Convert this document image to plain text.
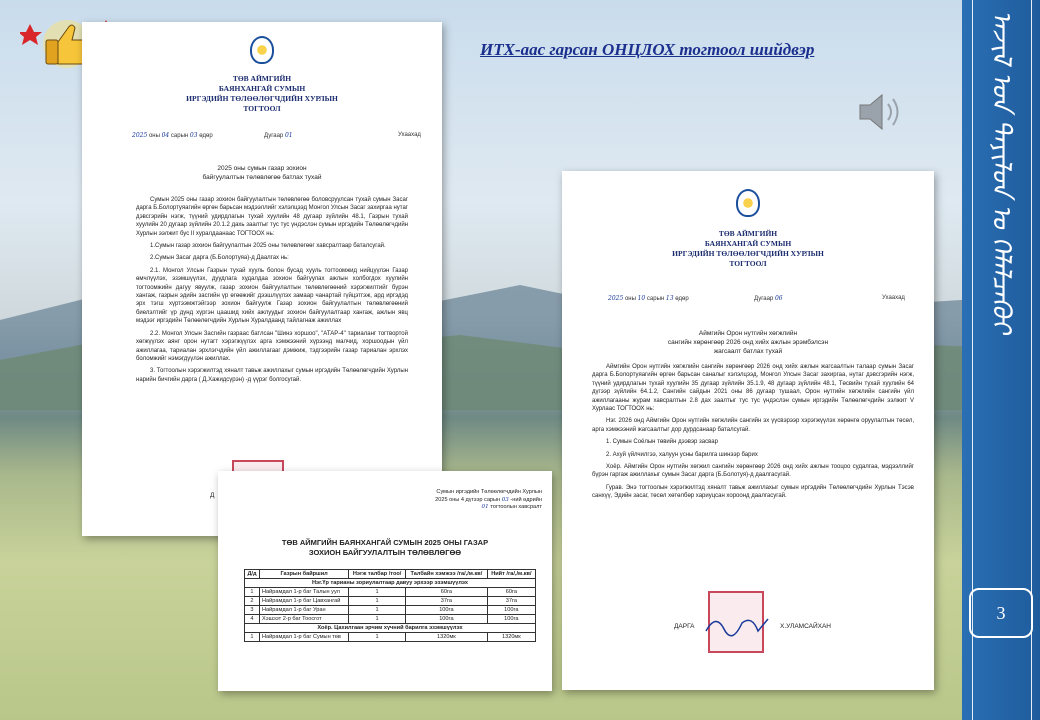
ИТХ-аас гарсан ОНЦЛОХ тогтоол шийдвэр	ᠠᠵᠢᠯ ᠤᠨ ᠲᠠᠶᠢᠯᠤᠨ ᠤ ᠬᠡᠯᠡᠯᠴᠡᠬᠦᠢ
3
ТӨВ АЙМГИЙН
БАЯНХАНГАЙ СУМЫН
ИРГЭДИЙН ТӨЛӨӨЛӨГЧДИЙН ХУРЛЫН
ТОГТООЛ
2025 оны 04 сарын 03 өдөр	Дугаар 01	Ухаахад
2025 оны сумын газар зохион
байгуулалтын төлөвлөгөө батлах тухай

Сумын 2025 оны газар зохион байгуулалтын төлөвлөгөө боловсруулсан тухай сумын Засаг дарга Б.Болортуяагийн өргөн барьсан мэдээллийг хэлэлцээд Монгол Улсын Засаг захиргаа нутаг дэвсгэрийн нэгж, түүний удирдлагын тухай хуулийн 48 дугаар зүйлийн 48.1, Газрын тухай хуулийн 20 дугаар зүйлийн 20.1.2 дахь заалтыг тус тус үндэслэн сумын иргэдийн Төлөөлөгчдийн Хурлын ээлжит бус II хуралдаанаас ТОГТООХ нь:

1.Сумын газар зохион байгуулалтын 2025 оны төлөвлөгөөг хавсралтаар баталсугай.

2.Сумын Засаг дарга (Б.Болортуяа)-д Даалгах нь:

2.1. Монгол Улсын Газрын тухай хууль болон бусад хууль тогтоомжид нийцүүлэн Газар өмчлүүлэх, эзэмшүүлэх, дуудлага худалдаа зохион байгуулах ажлын холбогдох хуулийн тогтоомжийн дагуу явуулж, газар зохион байгуулалтын төлөвлөгөөний хэрэгжилтийг бүрэн хангаж, газрын эдийн засгийн үр өгөөжийг дээшлүүлэх замаар чанартай гүйцэтгэж, ард иргэдэд эрх тэгш хүртээмжтэйгээр зохион байгуулж Газар зохион байгуулалтын төлөвлөгөөний биелэлтийг үр дүнд хүргэн цаашид хийх ажлуудыг зохион байгуулалтаар хангаж, ажлын явц мэдээг иргэдийн Төлөөлөгчдийн Хурлын Хуралдаанд тайлагнаж ажиллах

2.2. Монгол Улсын Засгийн газраас батлсан "Шинэ хоршоо", "АТАР-4" тариаланг тогтвортой хөгжүүлэх аянг орон нутагт хэрэгжүүлэх арга хэмжээний хүрээнд малчид, хоршоодын үйл ажиллагаа, тариалан эрхлэгчдийн үйл ажиллагааг дэмжиж, тэдгээрийн газар тариалан эрхлэх боломжийг нэмэгдүүлэн ажиллах.

3. Тогтоолын хэрэгжилтэд хяналт тавьж ажиллахыг сумын иргэдийн Төлөөлөгчдийн Хурлын нарийн бичгийн дарга ( Д.Хажидсүрэн) -д үүрэг болгосугай.

Д
ТӨВ АЙМГИЙН
БАЯНХАНГАЙ СУМЫН
ИРГЭДИЙН ТӨЛӨӨЛӨГЧДИЙН ХУРЛЫН
ТОГТООЛ
2025 оны 10 сарын 13 өдөр	Дугаар 06	Ухаахад
Аймгийн Орон нутгийн хөгжлийн
сангийн хөрөнгөөр 2026 онд хийх ажлын эрэмбэлсэн
жагсаалт батлах тухай

Аймгийн Орон нутгийн хөгжлийн сангийн хөрөнгөөр 2026 онд хийх ажлын жагсаалтын талаар сумын Засаг дарга Б.Болортуяагийн өргөн барьсан саналыг хэлэлцээд, Монгол Улсын Засаг захиргаа, нутаг дэвсгэрийн нэгж, түүний удирдлагын тухай хуулийн 35 дугаар зүйлийн 35.1.9, 48 дугаар зүйлийн 48.1, Төсвийн тухай хуулийн 64 дүгээр зүйлийн 64.1.2, Сангийн сайдын 2021 оны 86 дугаар тушаал, Орон нутгийн хөгжлийн сангийн үйл ажиллагааны журам хавсралтын 2.8 дах заалтыг тус тус үндэслэн сумын иргэдийн Төлөөлөгчдийн ээлжит V Хурлаас ТОГТООХ нь:

Нэг. 2026 онд Аймгийн Орон нутгийн хөгжлийн сангийн эх үүсвэрээр хэрэгжүүлэх хөрөнгө оруулалтын төсөл, арга хэмжээний жагсаалтыг дор дурдсанаар баталсугай.

1. Сумын Соёлын төвийн дээвэр засвар

2. Ахуй үйлчилгээ, халуун усны барилга шинээр барих

Хоёр. Аймгийн Орон нутгийн хөгжил сангийн хөрөнгөөр 2026 онд хийх ажлын тооцоо судалгаа, мэдээллийг бүрэн гаргаж ажиллахыг сумын Засаг дарга (Б.Болотуя)-д даалгасугай.

Гурав. Энэ тогтоолын хэрэгжилтэд хяналт тавьж ажиллахыг сумын иргэдийн Төлөөлөгчдийн Хурлын Тэсэв санхүү, Эдийн засаг, төсөл хөтөлбөр хариуцсан хороонд даалгасугай.

ДАРГА	Х.УЛАМСАЙХАН
Сумын иргэдийн Төлөөлөгчдийн Хурлын
2025 оны 4 дүгээр сарын 03 -ний өдрийн
01 тогтоолын хавсралт
ТӨВ АЙМГИЙН БАЯНХАНГАЙ СУМЫН 2025 ОНЫ ГАЗАР
ЗОХИОН БАЙГУУЛАЛТЫН ТӨЛӨВЛӨГӨӨ
Д/д	Газрын байршил	Нэгж талбар /тоо/	Талбайн хэмжээ /га/,/м.кв/	Нийт /га/,/м.кв/
Нэг.Үр тарианы зориулалтаар давуу эрхээр эзэмшүүлэх				
1	Найрамдал 1-р баг Талын уул	1	60га	60га
2	Найрамдал 1-р баг Цавхангай	1	37га	37га
3	Найрамдал 1-р баг Уран	1	100га	100га
4	Хэшээт 2-р баг Тоосгот	1	100га	100га
Хоёр. Цахилгаан эрчим хүчний барилга эзэмшүүлэх				
1	Найрамдал 1-р баг Сумын төв	1	1320мк	1320мк
